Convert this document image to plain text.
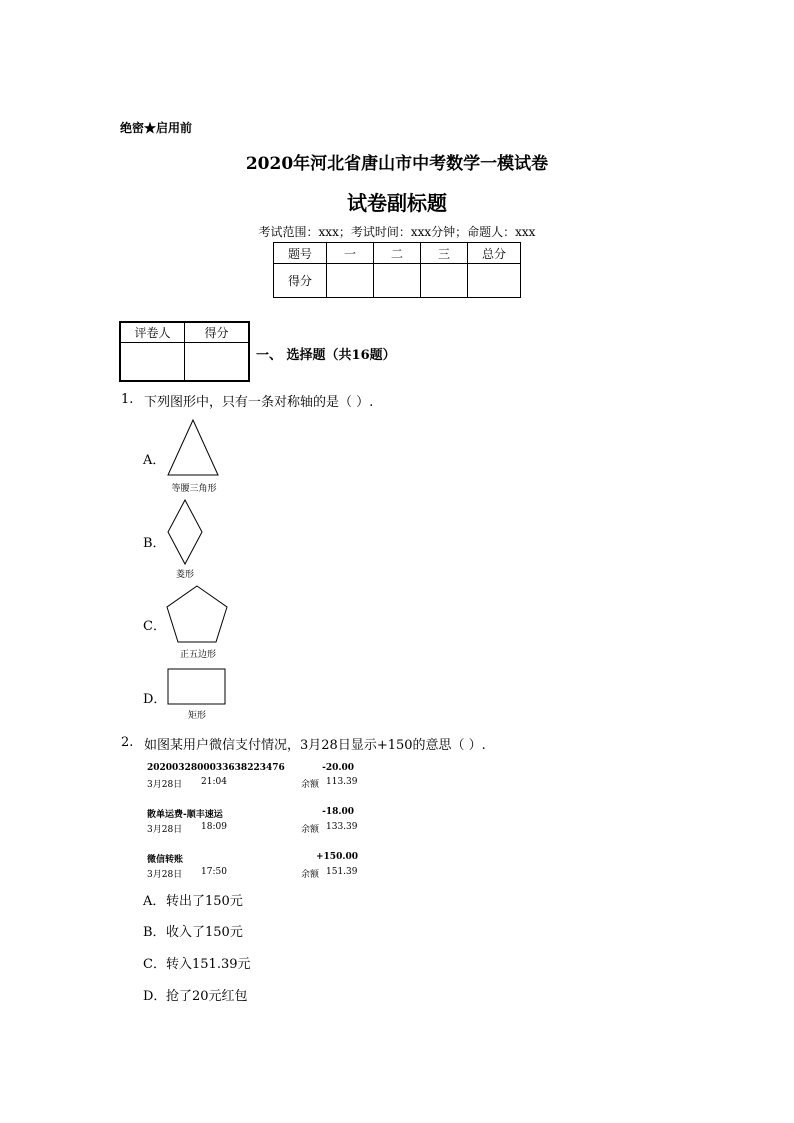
绝密★启用前
2020年河北省唐山市中考数学一模试卷
试卷副标题
考试范围：xxx；考试时间：xxx分钟；命题人：xxx
题号	一	二	三	总分
得分				
评卷人	得分

一、 选择题（共16题）
1. 下列图形中，只有一条对称轴的是（ ）.
A．
等腰三角形
B．
菱形
C．
正五边形
D．
矩形
2. 如图某用户微信支付情况，3月28日显示+150的意思（ ）.
2020032800033638223476	-20.00
3月28日 21:04	余额 113.39
散单运费-顺丰速运	-18.00
3月28日 18:09	余额 133.39
微信转账	+150.00
3月28日 17:50	余额 151.39
A． 转出了150元
B． 收入了150元
C． 转入151.39元
D． 抢了20元红包
